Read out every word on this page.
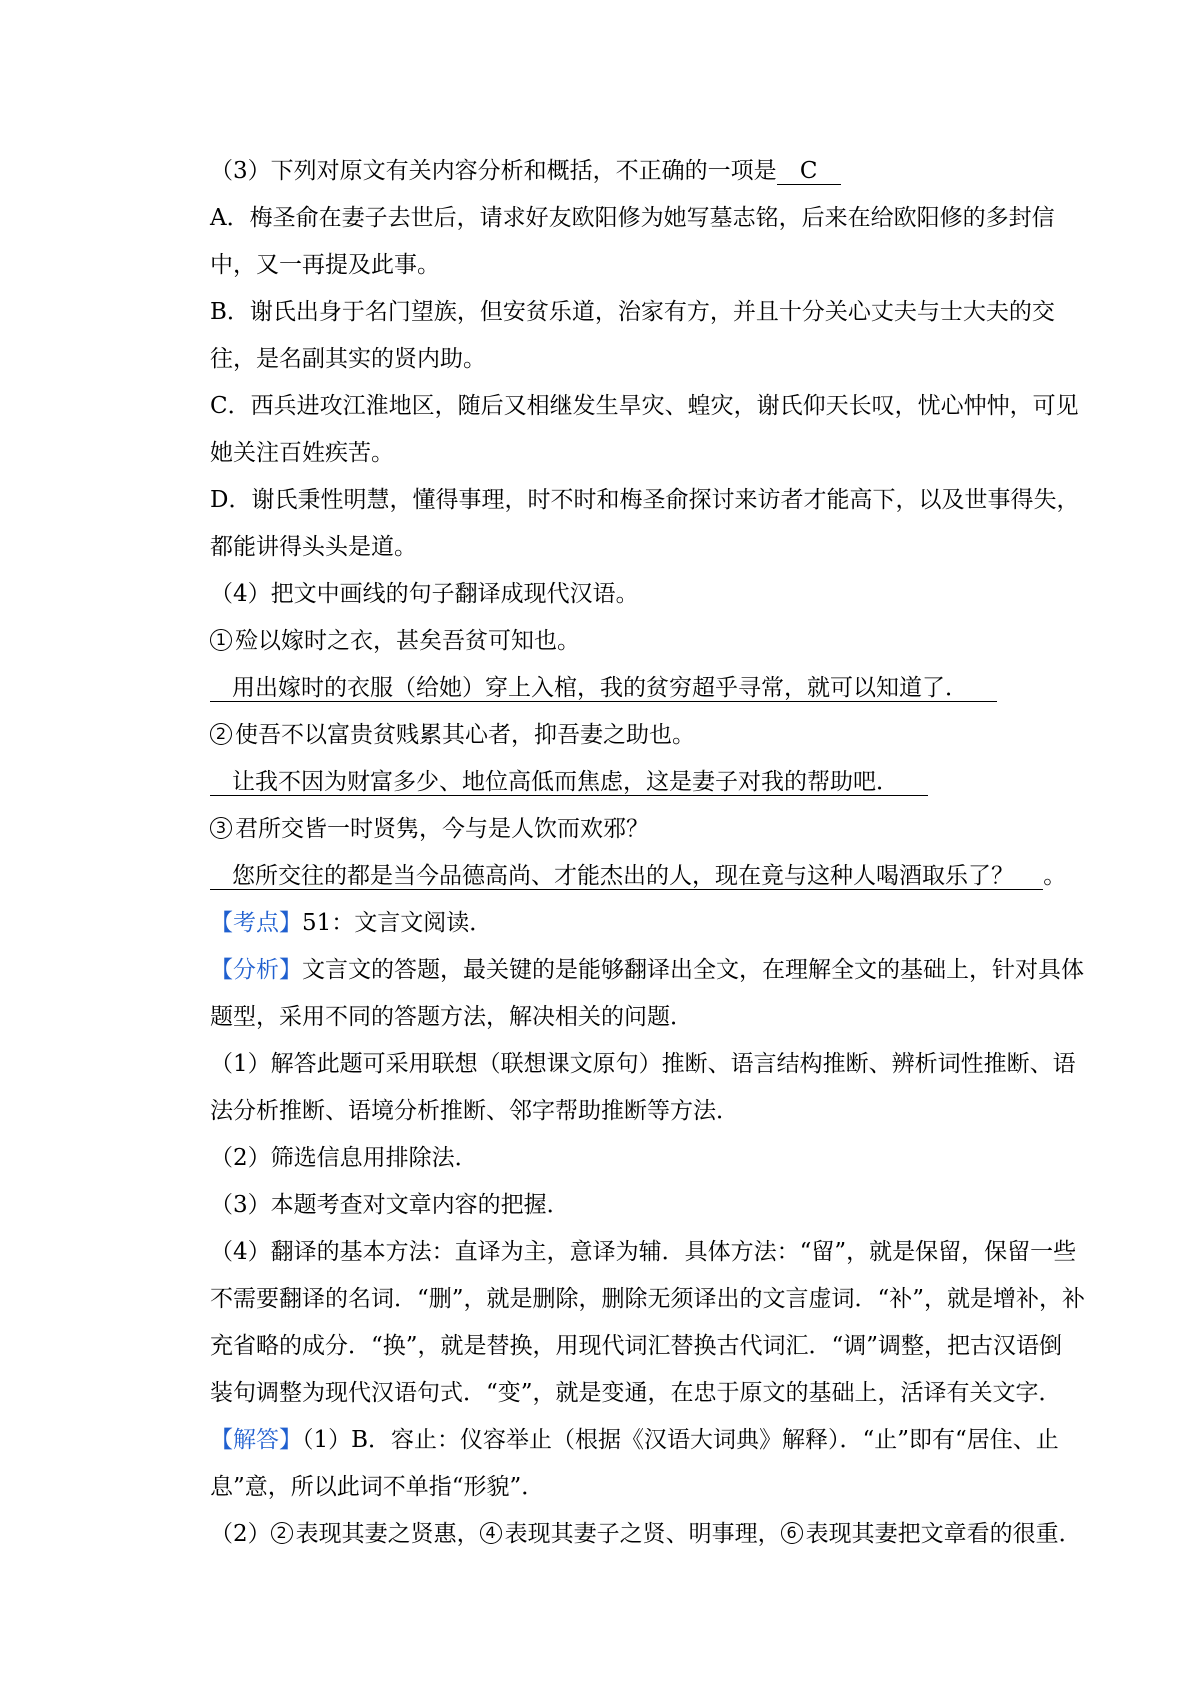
（3）下列对原文有关内容分析和概括，不正确的一项是 C
A．梅圣俞在妻子去世后，请求好友欧阳修为她写墓志铭，后来在给欧阳修的多封信
中，又一再提及此事。
B．谢氏出身于名门望族，但安贫乐道，治家有方，并且十分关心丈夫与士大夫的交
往，是名副其实的贤内助。
C．西兵进攻江淮地区，随后又相继发生旱灾、蝗灾，谢氏仰天长叹，忧心忡忡，可见
她关注百姓疾苦。
D．谢氏秉性明慧，懂得事理，时不时和梅圣俞探讨来访者才能高下，以及世事得失，
都能讲得头头是道。
（4）把文中画线的句子翻译成现代汉语。
1 殓以嫁时之衣，甚矣吾贫可知也。
用出嫁时的衣服（给她）穿上入棺，我的贫穷超乎寻常，就可以知道了．
2 使吾不以富贵贫贱累其心者，抑吾妻之助也。
让我不因为财富多少、地位高低而焦虑，这是妻子对我的帮助吧．
3 君所交皆一时贤隽，今与是人饮而欢邪？
您所交往的都是当今品德高尚、才能杰出的人，现在竟与这种人喝酒取乐了？ 。
【考点】51：文言文阅读．
【分析】文言文的答题，最关键的是能够翻译出全文，在理解全文的基础上，针对具体
题型，采用不同的答题方法，解决相关的问题．
（1）解答此题可采用联想（联想课文原句）推断、语言结构推断、辨析词性推断、语
法分析推断、语境分析推断、邻字帮助推断等方法．
（2）筛选信息用排除法．
（3）本题考查对文章内容的把握．
（4）翻译的基本方法：直译为主，意译为辅．具体方法：“留”，就是保留，保留一些
不需要翻译的名词．“删”，就是删除，删除无须译出的文言虚词．“补”，就是增补，补
充省略的成分．“换”，就是替换，用现代词汇替换古代词汇．“调”调整，把古汉语倒
装句调整为现代汉语句式．“变”，就是变通，在忠于原文的基础上，活译有关文字．
【解答】（1）B．容止：仪容举止（根据《汉语大词典》解释）．“止”即有“居住、止
息”意，所以此词不单指“形貌”．
（2） 2 表现其妻之贤惠， 4 表现其妻子之贤、明事理， 6 表现其妻把文章看的很重．
